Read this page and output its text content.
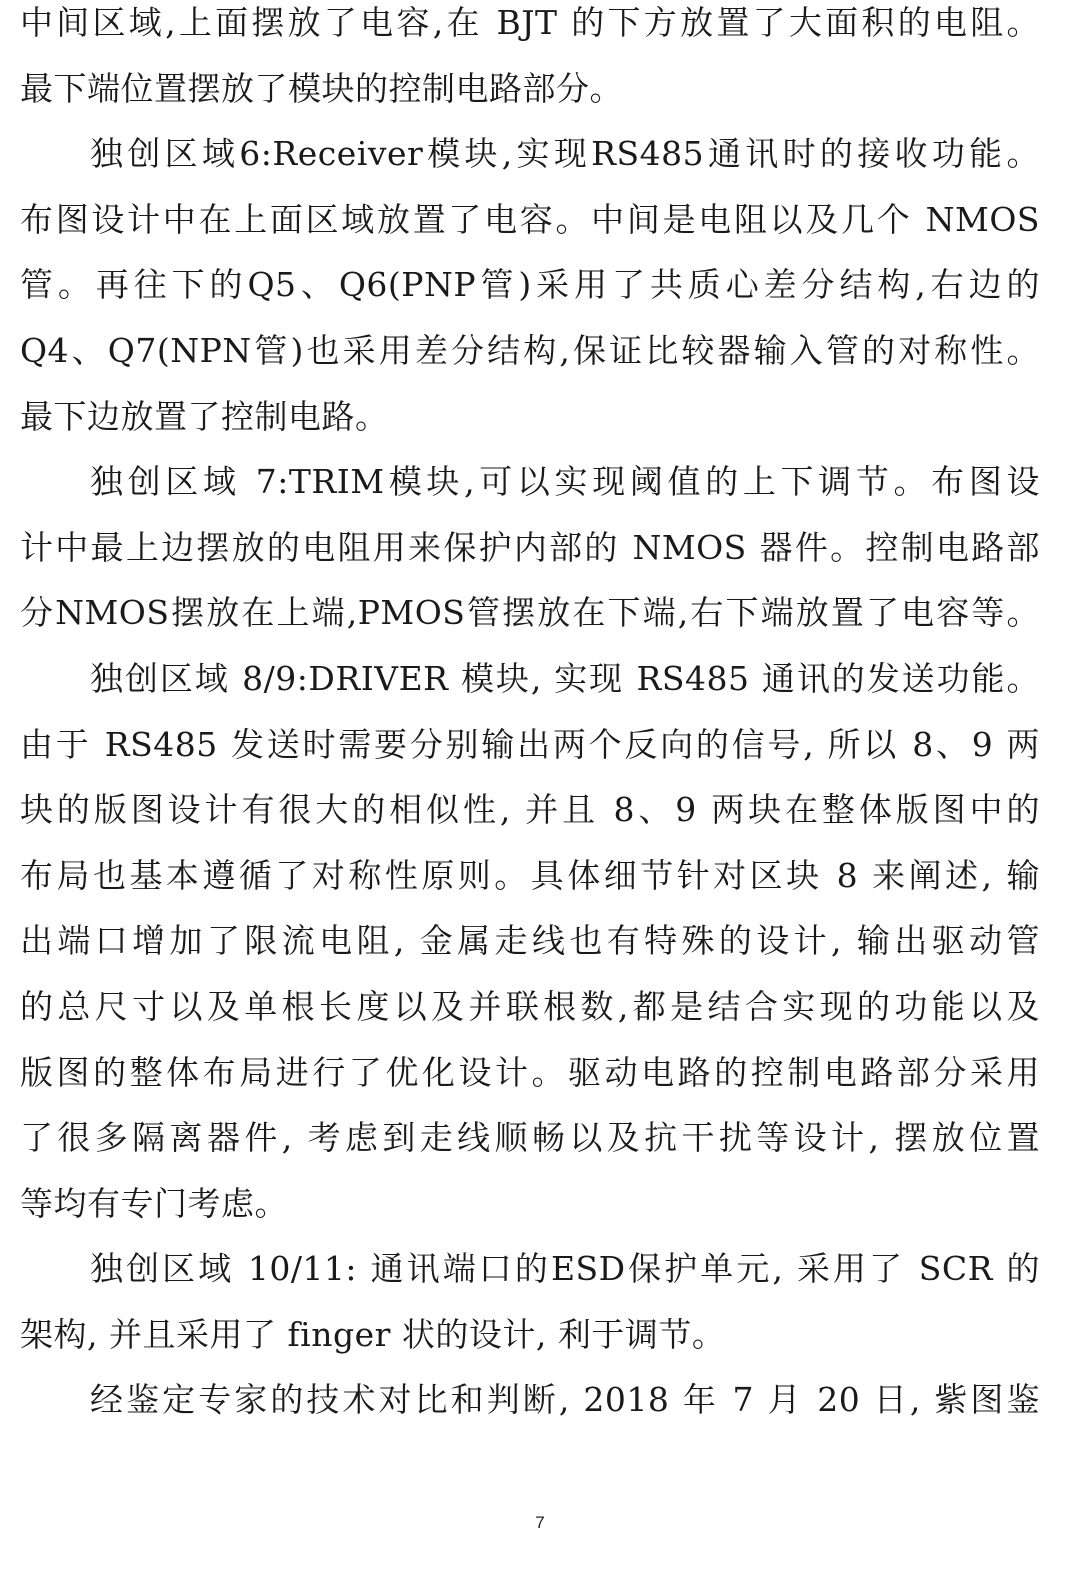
中间区域,上面摆放了电容,在 BJT 的下方放置了大面积的电阻。
最下端位置摆放了模块的控制电路部分。
独创区域6:Receiver模块,实现RS485通讯时的接收功能。
布图设计中在上面区域放置了电容。中间是电阻以及几个 NMOS
管。再往下的Q5、Q6(PNP管)采用了共质心差分结构,右边的
Q4、Q7(NPN管)也采用差分结构,保证比较器输入管的对称性。
最下边放置了控制电路。
独创区域 7:TRIM模块,可以实现阈值的上下调节。布图设
计中最上边摆放的电阻用来保护内部的 NMOS 器件。控制电路部
分NMOS摆放在上端,PMOS管摆放在下端,右下端放置了电容等。
独创区域 8/9:DRIVER 模块, 实现 RS485 通讯的发送功能。
由于 RS485 发送时需要分别输出两个反向的信号, 所以 8、9 两
块的版图设计有很大的相似性, 并且 8、9 两块在整体版图中的
布局也基本遵循了对称性原则。具体细节针对区块 8 来阐述, 输
出端口增加了限流电阻, 金属走线也有特殊的设计, 输出驱动管
的总尺寸以及单根长度以及并联根数,都是结合实现的功能以及
版图的整体布局进行了优化设计。驱动电路的控制电路部分采用
了很多隔离器件, 考虑到走线顺畅以及抗干扰等设计, 摆放位置
等均有专门考虑。
独创区域 10/11: 通讯端口的ESD保护单元, 采用了 SCR 的
架构, 并且采用了 finger 状的设计, 利于调节。
经鉴定专家的技术对比和判断, 2018 年 7 月 20 日, 紫图鉴
7
